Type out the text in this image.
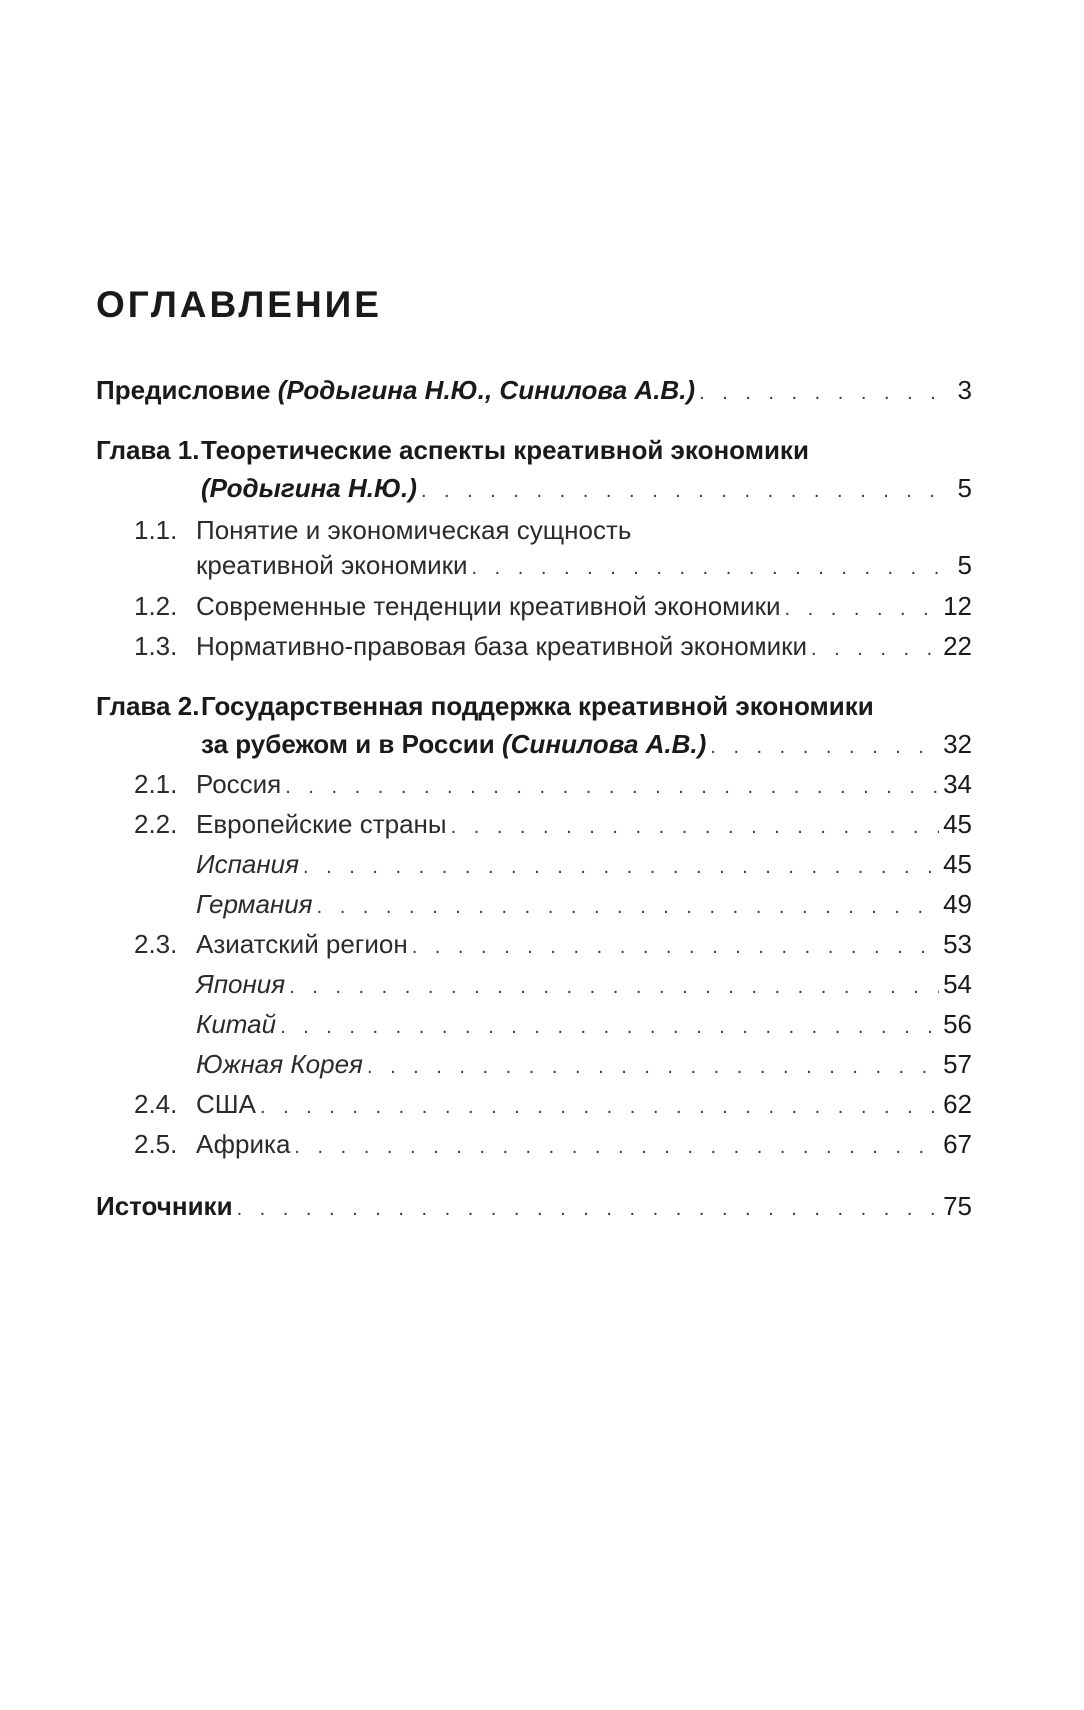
ОГЛАВЛЕНИЕ
Предисловие
(Родыгина Н.Ю., Синилова А.В.) . . .	3
Глава 1. Теоретические аспекты креативной экономики
(Родыгина Н.Ю.) . . .	5
1.1. Понятие и экономическая сущность
креативной экономики . . .	5
1.2. Современные тенденции креативной экономики . . .	12
1.3. Нормативно-правовая база креативной экономики . . .	22
Глава 2. Государственная поддержка креативной экономики
за рубежом и в России
(Синилова А.В.) . . .	32
2.1. Россия . . .	34
2.2. Европейские страны . . .	45
Испания . . .	45
Германия . . .	49
2.3. Азиатский регион . . .	53
Япония . . .	54
Китай . . .	56
Южная Корея . . .	57
2.4. США . . .	62
2.5. Африка . . .	67
Источники . . .	75
